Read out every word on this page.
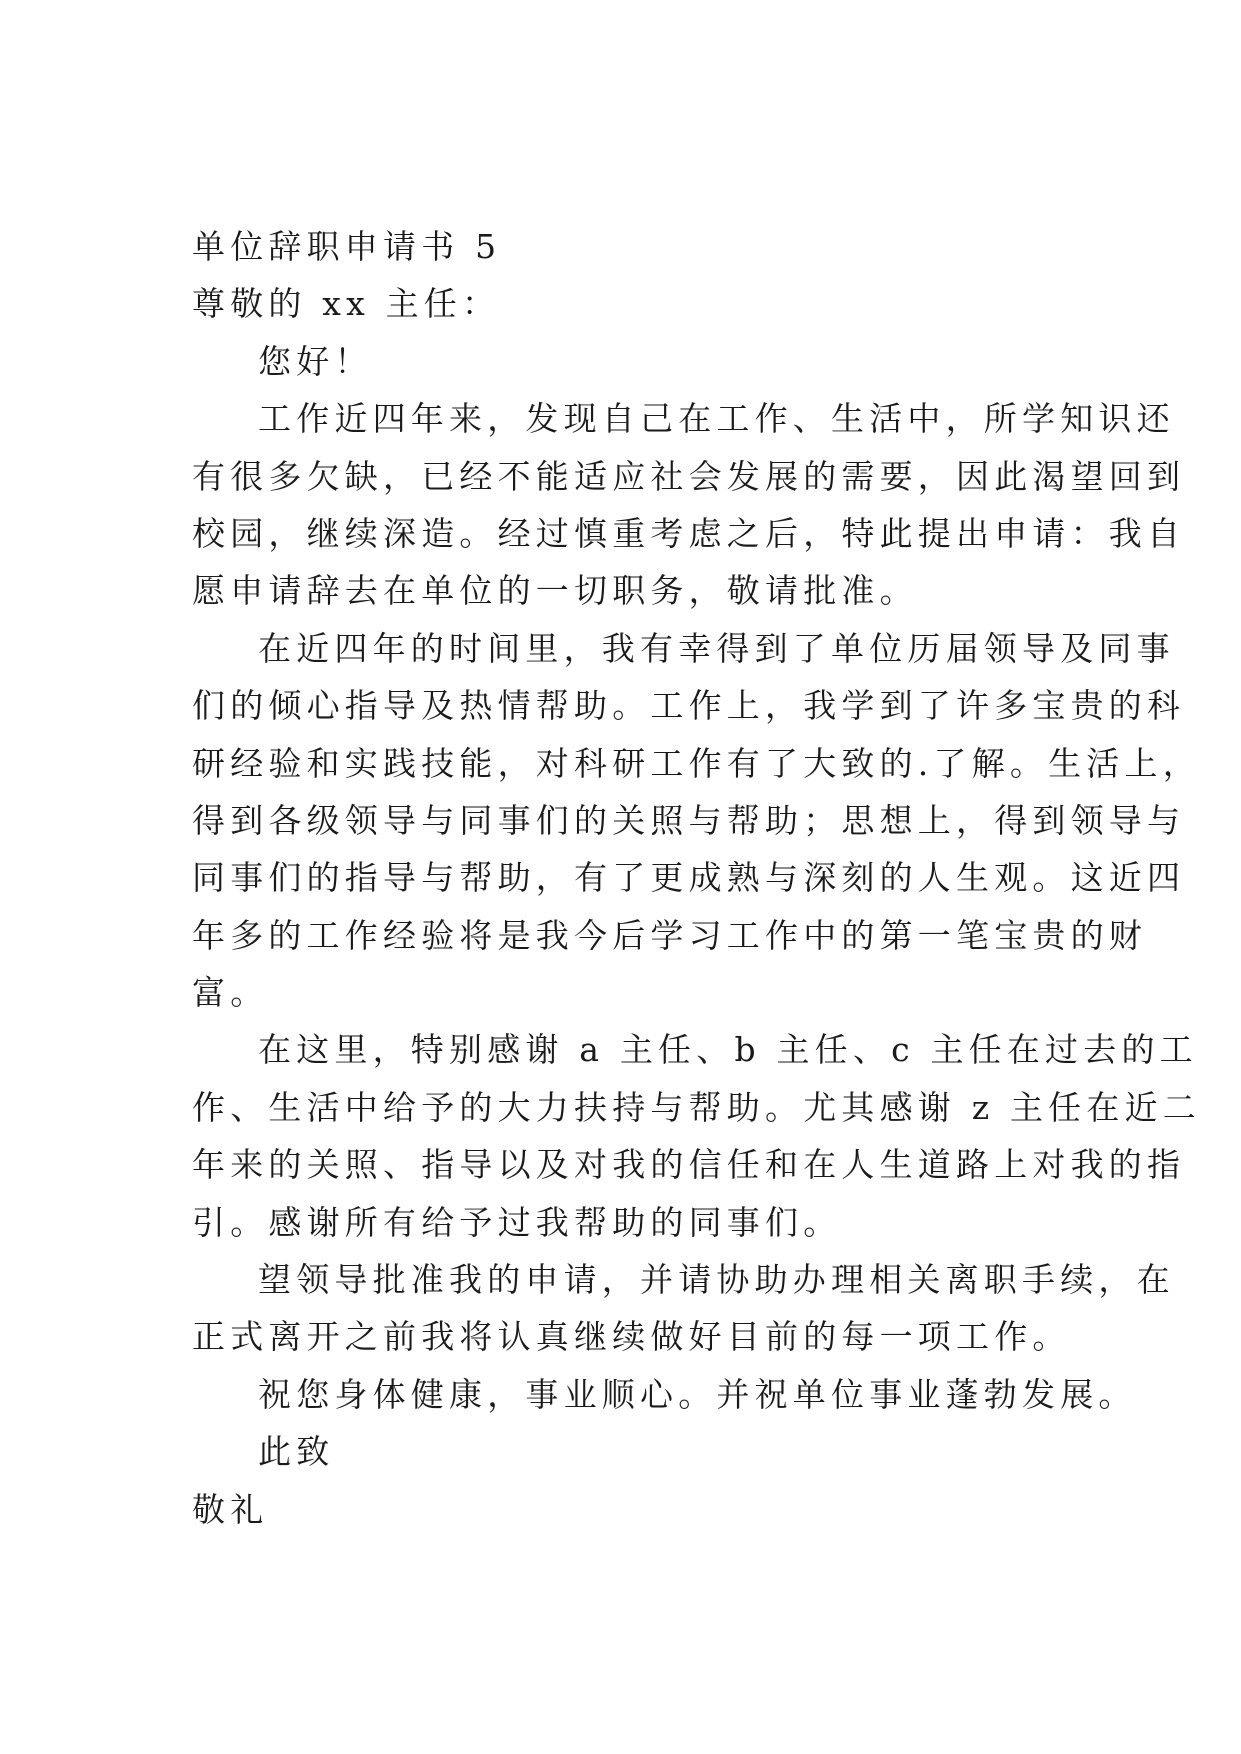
单位辞职申请书 5
尊敬的 xx 主任：
您好！
工作近四年来，发现自己在工作、生活中，所学知识还
有很多欠缺，已经不能适应社会发展的需要，因此渴望回到
校园，继续深造。经过慎重考虑之后，特此提出申请：我自
愿申请辞去在单位的一切职务，敬请批准。
在近四年的时间里，我有幸得到了单位历届领导及同事
们的倾心指导及热情帮助。工作上，我学到了许多宝贵的科
研经验和实践技能，对科研工作有了大致的.了解。生活上，
得到各级领导与同事们的关照与帮助；思想上，得到领导与
同事们的指导与帮助，有了更成熟与深刻的人生观。这近四
年多的工作经验将是我今后学习工作中的第一笔宝贵的财
富。
在这里，特别感谢 a 主任、b 主任、c 主任在过去的工
作、生活中给予的大力扶持与帮助。尤其感谢 z 主任在近二
年来的关照、指导以及对我的信任和在人生道路上对我的指
引。感谢所有给予过我帮助的同事们。
望领导批准我的申请，并请协助办理相关离职手续，在
正式离开之前我将认真继续做好目前的每一项工作。
祝您身体健康，事业顺心。并祝单位事业蓬勃发展。
此致
敬礼
